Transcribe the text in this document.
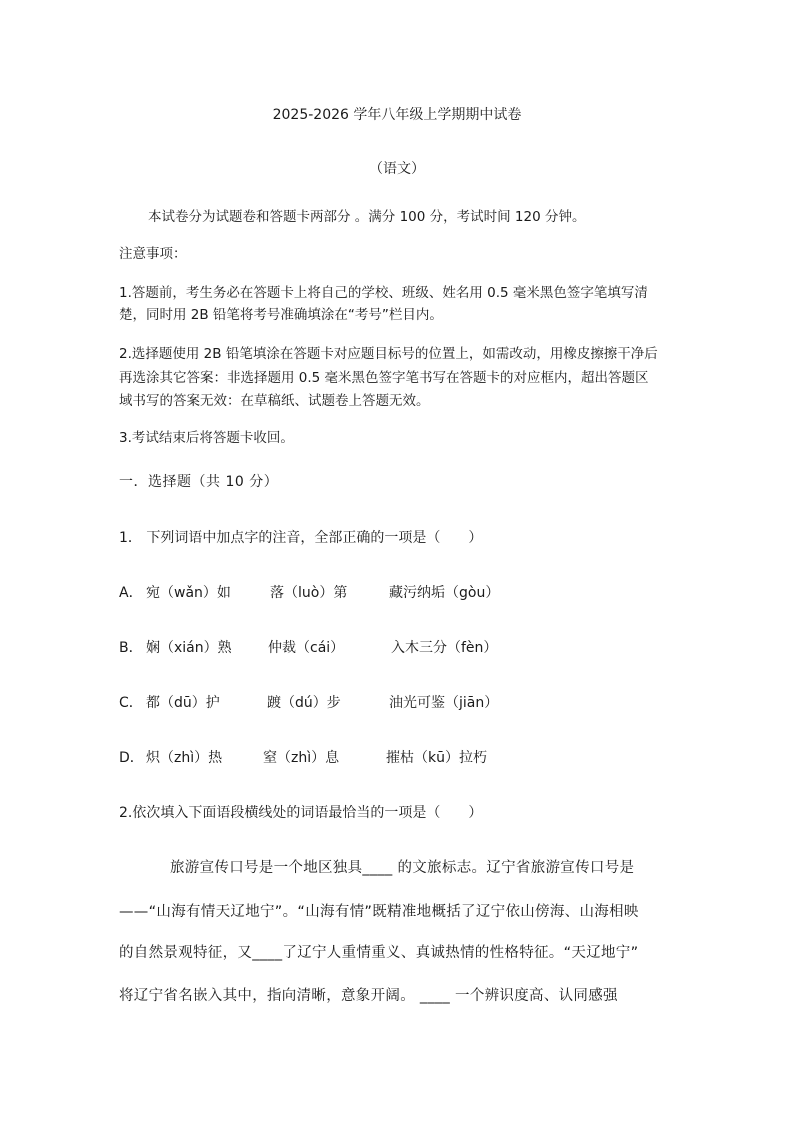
2025-2026 学年八年级上学期期中试卷
（语文）
本试卷分为试题卷和答题卡两部分 。满分 100 分，考试时间 120 分钟。
注意事项：
1.答题前，考生务必在答题卡上将自己的学校、班级、姓名用 0.5 毫米黑色签字笔填写清
楚，同时用 2B 铅笔将考号准确填涂在“考号”栏目内。
2.选择题使用 2B 铅笔填涂在答题卡对应题目标号的位置上，如需改动，用橡皮擦擦干净后
再选涂其它答案：非选择题用 0.5 毫米黑色签字笔书写在答题卡的对应框内，超出答题区
域书写的答案无效：在草稿纸、试题卷上答题无效。
3.考试结束后将答题卡收回。
一．选择题（共 10 分）
1． 下列词语中加点字的注音，全部正确的一项是（　　）
A． 宛（wǎn）如	落（luò）第	藏污纳垢（gòu）
B． 娴（xián）熟	仲裁（cái）	入木三分（fèn）
C． 都（dū）护	踱（dú）步	油光可鉴（jiān）
D． 炽（zhì）热	窒（zhì）息	摧枯（kū）拉朽
2.依次填入下面语段横线处的词语最恰当的一项是（　　）
旅游宣传口号是一个地区独具____ 的文旅标志。辽宁省旅游宣传口号是
——“山海有情天辽地宁”。“山海有情”既精准地概括了辽宁依山傍海、山海相映
的自然景观特征，又____了辽宁人重情重义、真诚热情的性格特征。“天辽地宁”
将辽宁省名嵌入其中，指向清晰，意象开阔。 ____ 一个辨识度高、认同感强
